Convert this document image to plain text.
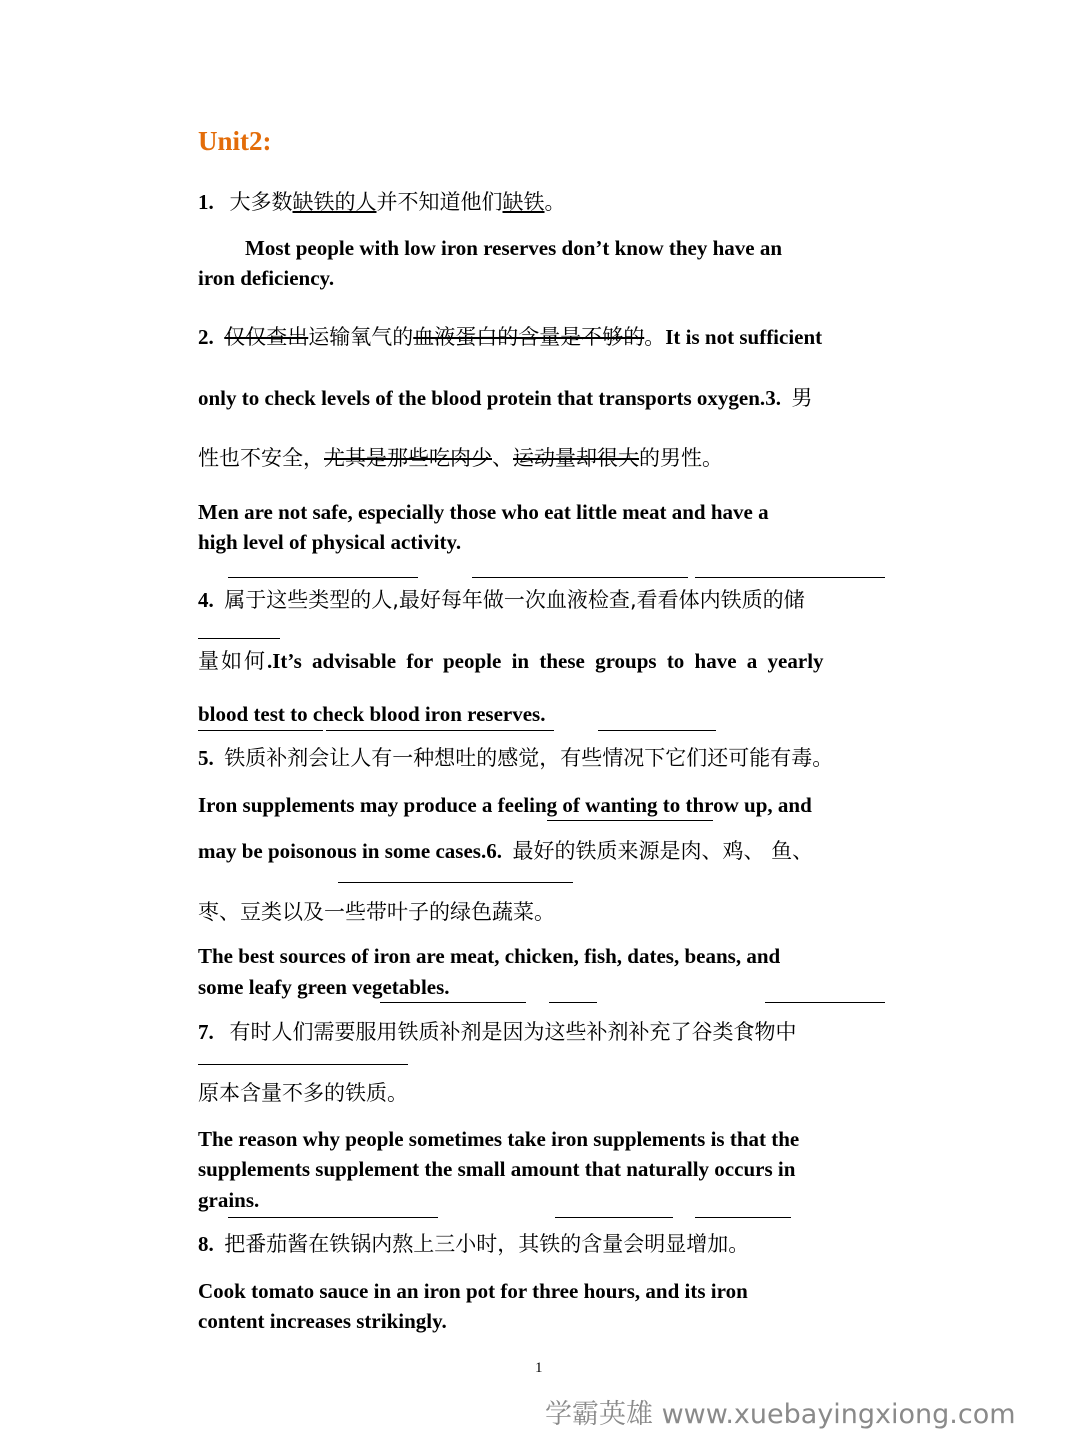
Unit2:
1. 大多数缺铁的人并不知道他们缺铁。
Most people with low iron reserves don’t know they have an
iron deficiency.
2. 仅仅查出运输氧气的血液蛋白的含量是不够的。It is not sufficient
only to check levels of the blood protein that transports oxygen.3. 男
性也不安全，尤其是那些吃肉少、运动量却很大的男性。
Men are not safe, especially those who eat little meat and have a
high level of physical activity.
4. 属于这些类型的人,最好每年做一次血液检查,看看体内铁质的储
量如何.It’s advisable for people in these groups to have a yearly
blood test to check blood iron reserves.
5. 铁质补剂会让人有一种想吐的感觉，有些情况下它们还可能有毒。
Iron supplements may produce a feeling of wanting to throw up, and
may be poisonous in some cases.6. 最好的铁质来源是肉、鸡、 鱼、
枣、豆类以及一些带叶子的绿色蔬菜。
The best sources of iron are meat, chicken, fish, dates, beans, and
some leafy green vegetables.
7. 有时人们需要服用铁质补剂是因为这些补剂补充了谷类食物中
原本含量不多的铁质。
The reason why people sometimes take iron supplements is that the
supplements supplement the small amount that naturally occurs in
grains.
8. 把番茄酱在铁锅内熬上三小时，其铁的含量会明显增加。
Cook tomato sauce in an iron pot for three hours, and its iron
content increases strikingly.
1
学霸英雄 www.xuebayingxiong.com
